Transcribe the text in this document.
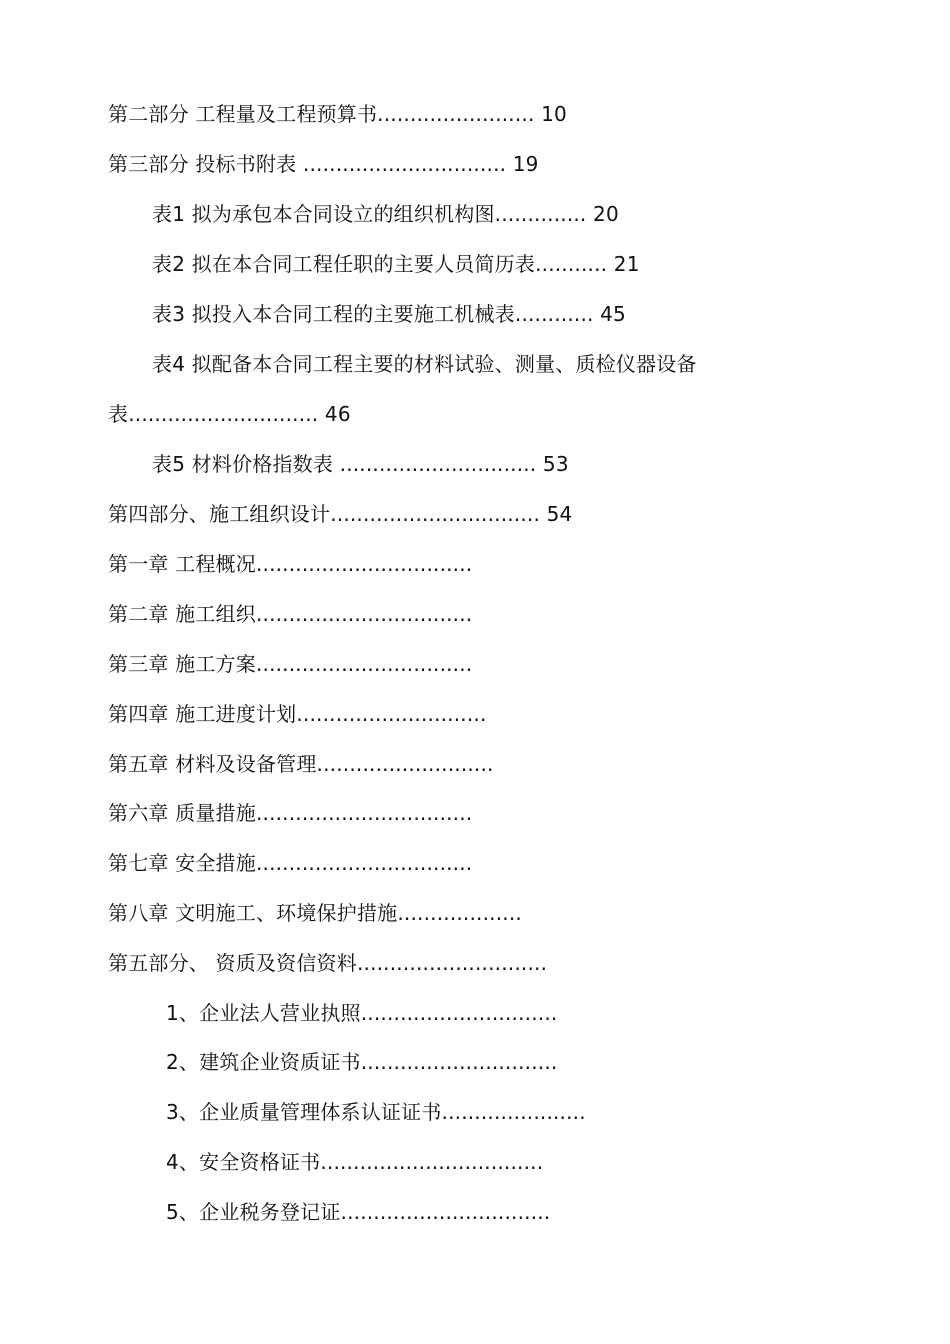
第二部分 工程量及工程预算书........................ 10
第三部分 投标书附表 ............................... 19
表1 拟为承包本合同设立的组织机构图.............. 20
表2 拟在本合同工程任职的主要人员简历表........... 21
表3 拟投入本合同工程的主要施工机械表............ 45
表4 拟配备本合同工程主要的材料试验、测量、质检仪器设备
表............................. 46
表5 材料价格指数表 .............................. 53
第四部分、施工组织设计................................ 54
第一章 工程概况.................................
第二章 施工组织.................................
第三章 施工方案.................................
第四章 施工进度计划.............................
第五章 材料及设备管理...........................
第六章 质量措施.................................
第七章 安全措施.................................
第八章 文明施工、环境保护措施...................
第五部分、 资质及资信资料.............................
1、企业法人营业执照..............................
2、建筑企业资质证书..............................
3、企业质量管理体系认证证书......................
4、安全资格证书..................................
5、企业税务登记证................................
